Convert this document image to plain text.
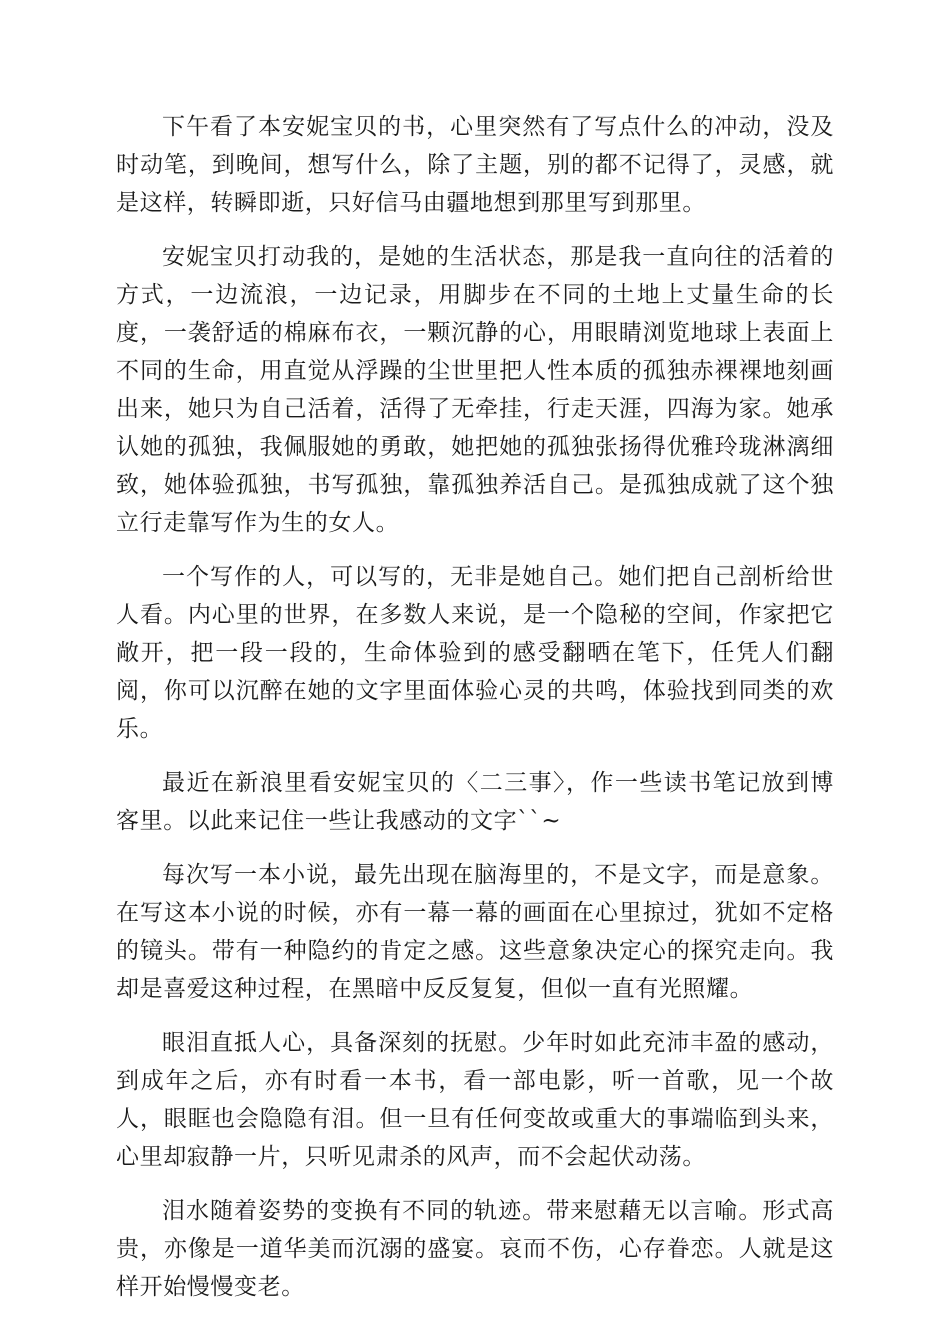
下午看了本安妮宝贝的书，心里突然有了写点什么的冲动，没及时动笔，到晚间，想写什么，除了主题，别的都不记得了，灵感，就是这样，转瞬即逝，只好信马由疆地想到那里写到那里。

安妮宝贝打动我的，是她的生活状态，那是我一直向往的活着的方式，一边流浪，一边记录，用脚步在不同的土地上丈量生命的长度，一袭舒适的棉麻布衣，一颗沉静的心，用眼睛浏览地球上表面上不同的生命，用直觉从浮躁的尘世里把人性本质的孤独赤裸裸地刻画出来，她只为自己活着，活得了无牵挂，行走天涯，四海为家。她承认她的孤独，我佩服她的勇敢，她把她的孤独张扬得优雅玲珑淋漓细致，她体验孤独，书写孤独，靠孤独养活自己。是孤独成就了这个独立行走靠写作为生的女人。

一个写作的人，可以写的，无非是她自己。她们把自己剖析给世人看。内心里的世界，在多数人来说，是一个隐秘的空间，作家把它敞开，把一段一段的，生命体验到的感受翻晒在笔下，任凭人们翻阅，你可以沉醉在她的文字里面体验心灵的共鸣，体验找到同类的欢乐。

最近在新浪里看安妮宝贝的〈二三事〉，作一些读书笔记放到博客里。以此来记住一些让我感动的文字``~

每次写一本小说，最先出现在脑海里的，不是文字，而是意象。在写这本小说的时候，亦有一幕一幕的画面在心里掠过，犹如不定格的镜头。带有一种隐约的肯定之感。这些意象决定心的探究走向。我却是喜爱这种过程，在黑暗中反反复复，但似一直有光照耀。

眼泪直抵人心，具备深刻的抚慰。少年时如此充沛丰盈的感动，到成年之后，亦有时看一本书，看一部电影，听一首歌，见一个故人，眼眶也会隐隐有泪。但一旦有任何变故或重大的事端临到头来，心里却寂静一片，只听见肃杀的风声，而不会起伏动荡。

泪水随着姿势的变换有不同的轨迹。带来慰藉无以言喻。形式高贵，亦像是一道华美而沉溺的盛宴。哀而不伤，心存眷恋。人就是这样开始慢慢变老。
